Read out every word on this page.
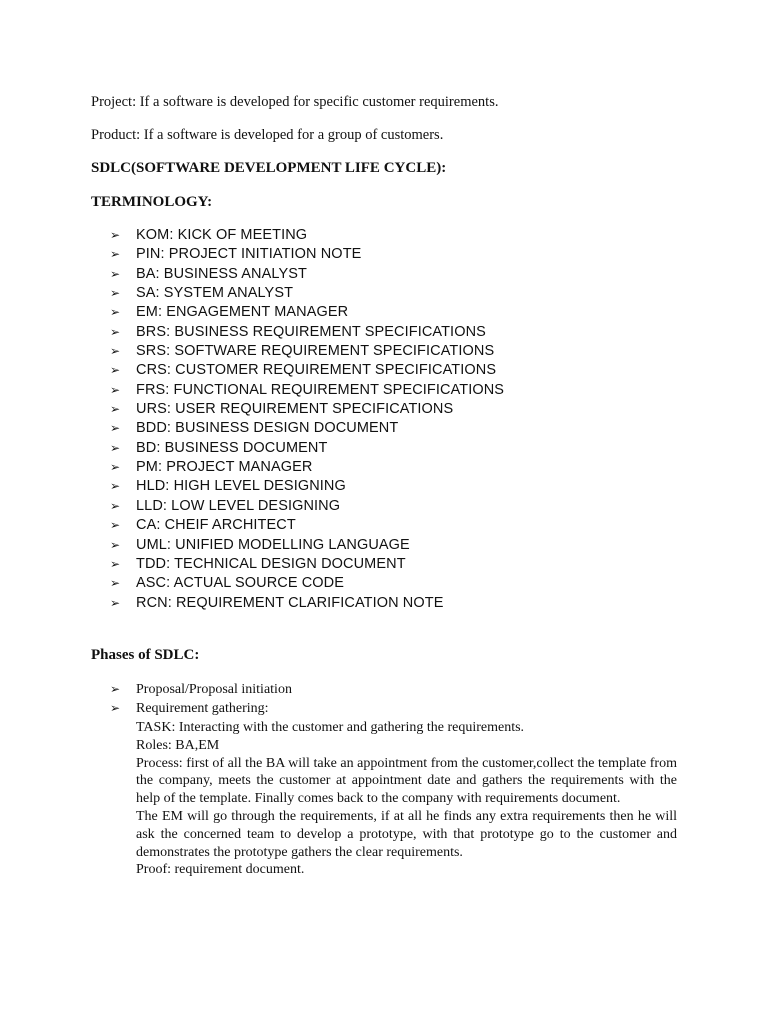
Project: If a software is developed for specific customer requirements.
Product: If a software is developed for a group of customers.
SDLC(SOFTWARE DEVELOPMENT LIFE CYCLE):
TERMINOLOGY:
➢	KOM: KICK OF MEETING
➢	PIN: PROJECT INITIATION NOTE
➢	BA: BUSINESS ANALYST
➢	SA: SYSTEM ANALYST
➢	EM: ENGAGEMENT MANAGER
➢	BRS: BUSINESS REQUIREMENT SPECIFICATIONS
➢	SRS: SOFTWARE REQUIREMENT SPECIFICATIONS
➢	CRS: CUSTOMER REQUIREMENT SPECIFICATIONS
➢	FRS: FUNCTIONAL REQUIREMENT SPECIFICATIONS
➢	URS: USER REQUIREMENT SPECIFICATIONS
➢	BDD: BUSINESS DESIGN DOCUMENT
➢	BD: BUSINESS DOCUMENT
➢	PM: PROJECT MANAGER
➢	HLD: HIGH LEVEL DESIGNING
➢	LLD: LOW LEVEL DESIGNING
➢	CA: CHEIF ARCHITECT
➢	UML: UNIFIED MODELLING LANGUAGE
➢	TDD: TECHNICAL DESIGN DOCUMENT
➢	ASC: ACTUAL SOURCE CODE
➢	RCN: REQUIREMENT CLARIFICATION NOTE
Phases of SDLC:
➢	Proposal/Proposal initiation
➢	Requirement gathering:

TASK: Interacting with the customer and gathering the requirements.

Roles: BA,EM

Process: first of all the BA will take an appointment from the customer,collect the template from the company, meets the customer at appointment date and gathers the requirements with the help of the template. Finally comes back to the company with requirements document.

The EM will go through the requirements, if at all he finds any extra requirements then he will ask the concerned team to develop a prototype, with that prototype go to the customer and demonstrates the prototype gathers the clear requirements.

Proof: requirement document.
